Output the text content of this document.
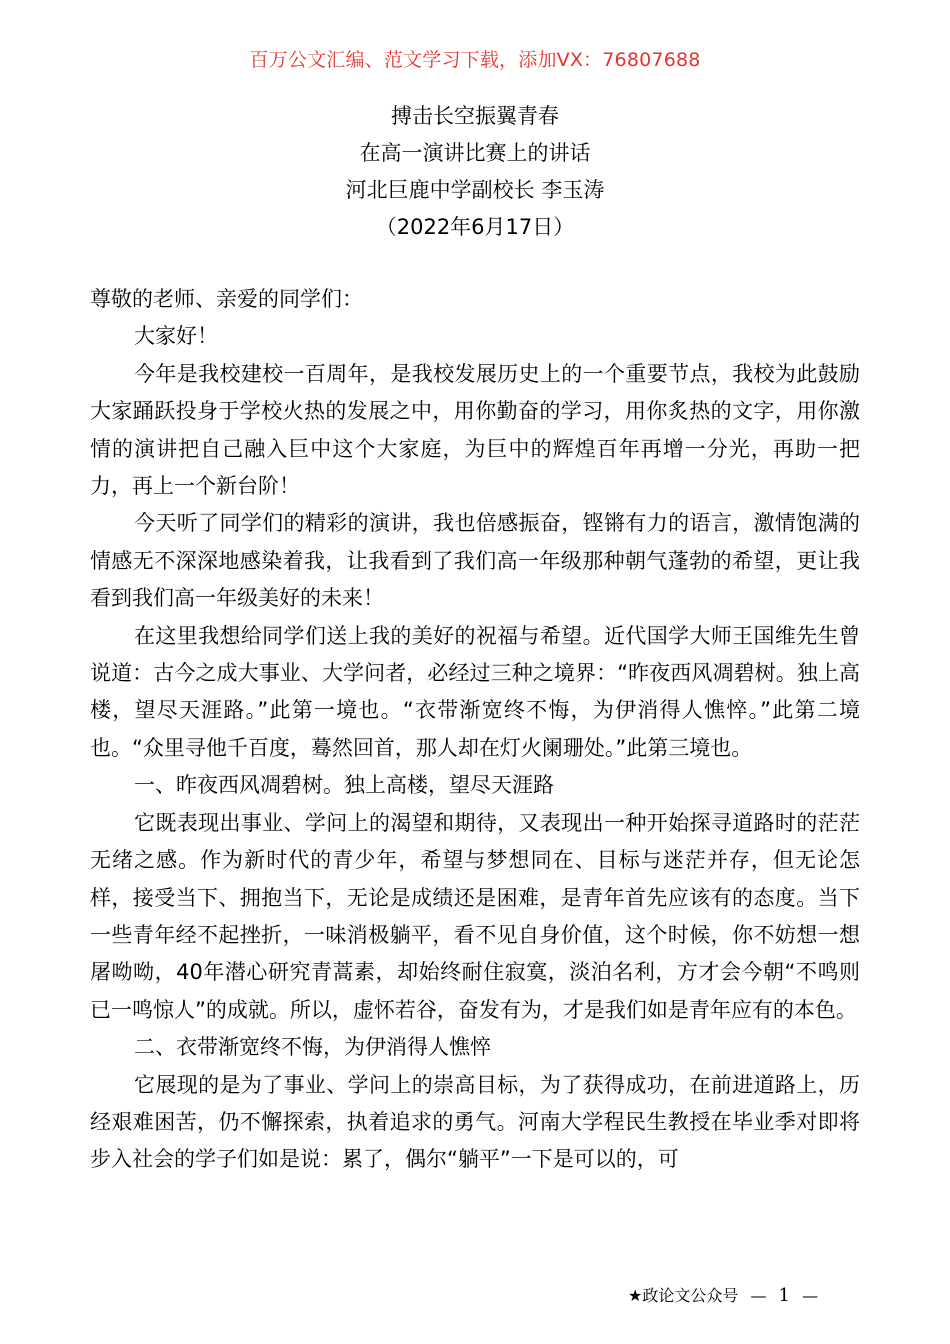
百万公文汇编、范文学习下载，添加VX：76807688
搏击长空振翼青春
在高一演讲比赛上的讲话
河北巨鹿中学副校长 李玉涛
（2022年6月17日）

尊敬的老师、亲爱的同学们：

大家好！

今年是我校建校一百周年，是我校发展历史上的一个重要节点，我校为此鼓励大家踊跃投身于学校火热的发展之中，用你勤奋的学习，用你炙热的文字，用你激情的演讲把自己融入巨中这个大家庭，为巨中的辉煌百年再增一分光，再助一把力，再上一个新台阶！

今天听了同学们的精彩的演讲，我也倍感振奋，铿锵有力的语言，激情饱满的情感无不深深地感染着我，让我看到了我们高一年级那种朝气蓬勃的希望，更让我看到我们高一年级美好的未来！

在这里我想给同学们送上我的美好的祝福与希望。近代国学大师王国维先生曾说道：古今之成大事业、大学问者，必经过三种之境界：“昨夜西风凋碧树。独上高楼，望尽天涯路。”此第一境也。“衣带渐宽终不悔，为伊消得人憔悴。”此第二境也。“众里寻他千百度，蓦然回首，那人却在灯火阑珊处。”此第三境也。

一、昨夜西风凋碧树。独上高楼，望尽天涯路

它既表现出事业、学问上的渴望和期待，又表现出一种开始探寻道路时的茫茫无绪之感。作为新时代的青少年，希望与梦想同在、目标与迷茫并存，但无论怎样，接受当下、拥抱当下，无论是成绩还是困难，是青年首先应该有的态度。当下一些青年经不起挫折，一味消极躺平，看不见自身价值，这个时候，你不妨想一想屠呦呦，40年潜心研究青蒿素，却始终耐住寂寞，淡泊名利，方才会今朝“不鸣则已一鸣惊人”的成就。所以，虚怀若谷，奋发有为，才是我们如是青年应有的本色。

二、衣带渐宽终不悔，为伊消得人憔悴

它展现的是为了事业、学问上的崇高目标，为了获得成功，在前进道路上，历经艰难困苦，仍不懈探索，执着追求的勇气。河南大学程民生教授在毕业季对即将步入社会的学子们如是说：累了，偶尔“躺平”一下是可以的，可

★政论文公众号 — 1 —
